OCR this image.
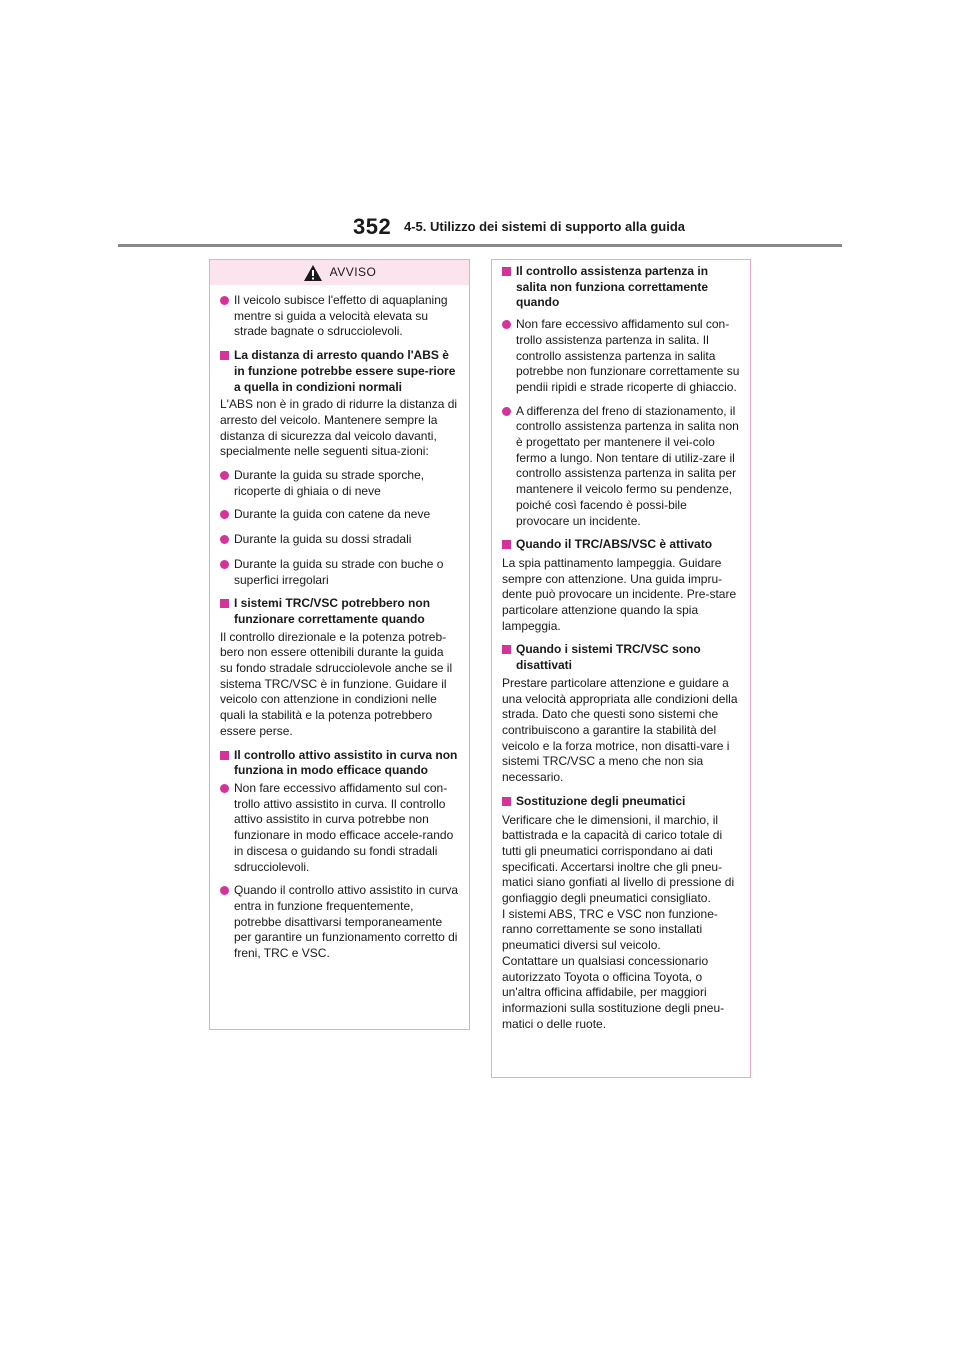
352 4-5. Utilizzo dei sistemi di supporto alla guida
AVVISO
Il veicolo subisce l'effetto di aquaplaning mentre si guida a velocità elevata su strade bagnate o sdrucciolevoli.
La distanza di arresto quando l'ABS è in funzione potrebbe essere supe-riore a quella in condizioni normali
L'ABS non è in grado di ridurre la distanza di arresto del veicolo. Mantenere sempre la distanza di sicurezza dal veicolo davanti, specialmente nelle seguenti situa-zioni:
Durante la guida su strade sporche, ricoperte di ghiaia o di neve
Durante la guida con catene da neve
Durante la guida su dossi stradali
Durante la guida su strade con buche o superfici irregolari
I sistemi TRC/VSC potrebbero non funzionare correttamente quando
Il controllo direzionale e la potenza potreb-bero non essere ottenibili durante la guida su fondo stradale sdrucciolevole anche se il sistema TRC/VSC è in funzione. Guidare il veicolo con attenzione in condizioni nelle quali la stabilità e la potenza potrebbero essere perse.
Il controllo attivo assistito in curva non funziona in modo efficace quando
Non fare eccessivo affidamento sul con-trollo attivo assistito in curva. Il controllo attivo assistito in curva potrebbe non funzionare in modo efficace accele-rando in discesa o guidando su fondi stradali sdrucciolevoli.
Quando il controllo attivo assistito in curva entra in funzione frequentemente, potrebbe disattivarsi temporaneamente per garantire un funzionamento corretto di freni, TRC e VSC.
Il controllo assistenza partenza in salita non funziona correttamente quando
Non fare eccessivo affidamento sul con-trollo assistenza partenza in salita. Il controllo assistenza partenza in salita potrebbe non funzionare correttamente su pendii ripidi e strade ricoperte di ghiaccio.
A differenza del freno di stazionamento, il controllo assistenza partenza in salita non è progettato per mantenere il vei-colo fermo a lungo. Non tentare di utiliz-zare il controllo assistenza partenza in salita per mantenere il veicolo fermo su pendenze, poiché così facendo è possi-bile provocare un incidente.
Quando il TRC/ABS/VSC è attivato
La spia pattinamento lampeggia. Guidare sempre con attenzione. Una guida impru-dente può provocare un incidente. Pre-stare particolare attenzione quando la spia lampeggia.
Quando i sistemi TRC/VSC sono disattivati
Prestare particolare attenzione e guidare a una velocità appropriata alle condizioni della strada. Dato che questi sono sistemi che contribuiscono a garantire la stabilità del veicolo e la forza motrice, non disatti-vare i sistemi TRC/VSC a meno che non sia necessario.
Sostituzione degli pneumatici
Verificare che le dimensioni, il marchio, il battistrada e la capacità di carico totale di tutti gli pneumatici corrispondano ai dati specificati. Accertarsi inoltre che gli pneu-matici siano gonfiati al livello di pressione di gonfiaggio degli pneumatici consigliato.
I sistemi ABS, TRC e VSC non funzione-ranno correttamente se sono installati pneumatici diversi sul veicolo.
Contattare un qualsiasi concessionario autorizzato Toyota o officina Toyota, o un'altra officina affidabile, per maggiori informazioni sulla sostituzione degli pneu-matici o delle ruote.
